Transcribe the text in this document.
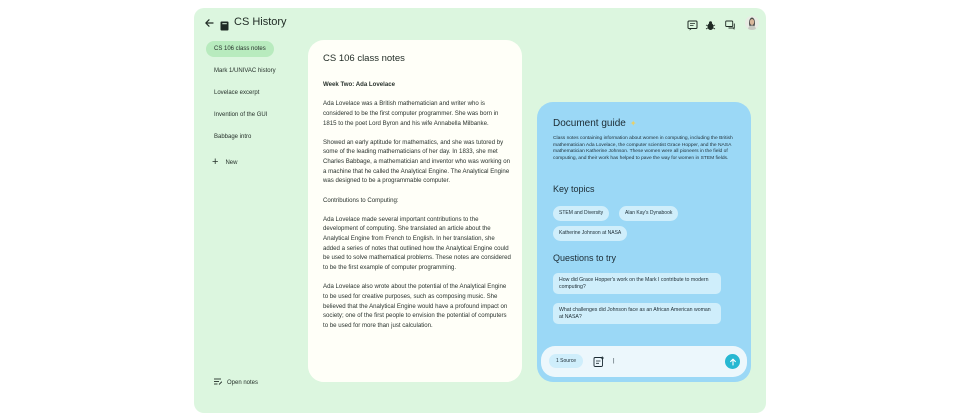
CS History
CS 106 class notes
Mark 1/UNIVAC history
Lovelace excerpt
Invention of the GUI
Babbage intro
+ New
Open notes
CS 106 class notes

Week Two: Ada Lovelace

Ada Lovelace was a British mathematician and writer who is considered to be the first computer programmer. She was born in 1815 to the poet Lord Byron and his wife Annabella Milbanke.

Showed an early aptitude for mathematics, and she was tutored by some of the leading mathematicians of her day. In 1833, she met Charles Babbage, a mathematician and inventor who was working on a machine that he called the Analytical Engine. The Analytical Engine was designed to be a programmable computer.

Contributions to Computing:

Ada Lovelace made several important contributions to the development of computing. She translated an article about the Analytical Engine from French to English. In her translation, she added a series of notes that outlined how the Analytical Engine could be used to solve mathematical problems. These notes are considered to be the first example of computer programming.

Ada Lovelace also wrote about the potential of the Analytical Engine to be used for creative purposes, such as composing music. She believed that the Analytical Engine would have a profound impact on society; one of the first people to envision the potential of computers to be used for more than just calculation.

Document guide ✦
Class notes containing information about women in computing, including the British mathematician Ada Lovelace, the computer scientist Grace Hopper, and the NASA mathematician Katherine Johnson. These women were all pioneers in the field of computing, and their work has helped to pave the way for women in STEM fields.
Key topics
STEM and Diversity	Alan Kay's Dynabook
Katherine Johnson at NASA
Questions to try
How did Grace Hopper's work on the Mark I contribute to modern computing?
What challenges did Johnson face as an African American woman at NASA?
1 Source
|
